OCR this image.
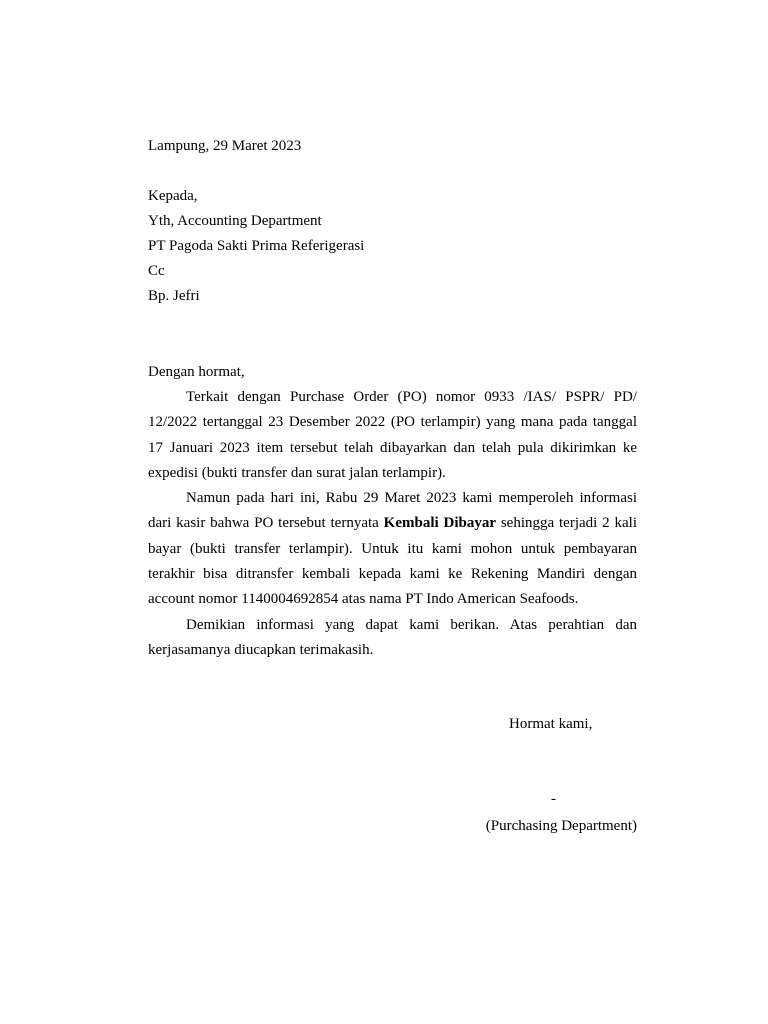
Lampung, 29 Maret 2023

Kepada,

Yth, Accounting Department

PT Pagoda Sakti Prima Referigerasi

Cc

Bp. Jefri

Dengan hormat,

Terkait dengan Purchase Order (PO) nomor 0933 /IAS/ PSPR/ PD/ 12/2022 tertanggal 23 Desember 2022 (PO terlampir) yang mana pada tanggal 17 Januari 2023 item tersebut telah dibayarkan dan telah pula dikirimkan ke expedisi (bukti transfer dan surat jalan terlampir).

Namun pada hari ini, Rabu 29 Maret 2023 kami memperoleh informasi dari kasir bahwa PO tersebut ternyata Kembali Dibayar sehingga terjadi 2 kali bayar (bukti transfer terlampir). Untuk itu kami mohon untuk pembayaran terakhir bisa ditransfer kembali kepada kami ke Rekening Mandiri dengan account nomor 1140004692854 atas nama PT Indo American Seafoods.

Demikian informasi yang dapat kami berikan. Atas perahtian dan kerjasamanya diucapkan terimakasih.

Hormat kami,

-

(Purchasing Department)
